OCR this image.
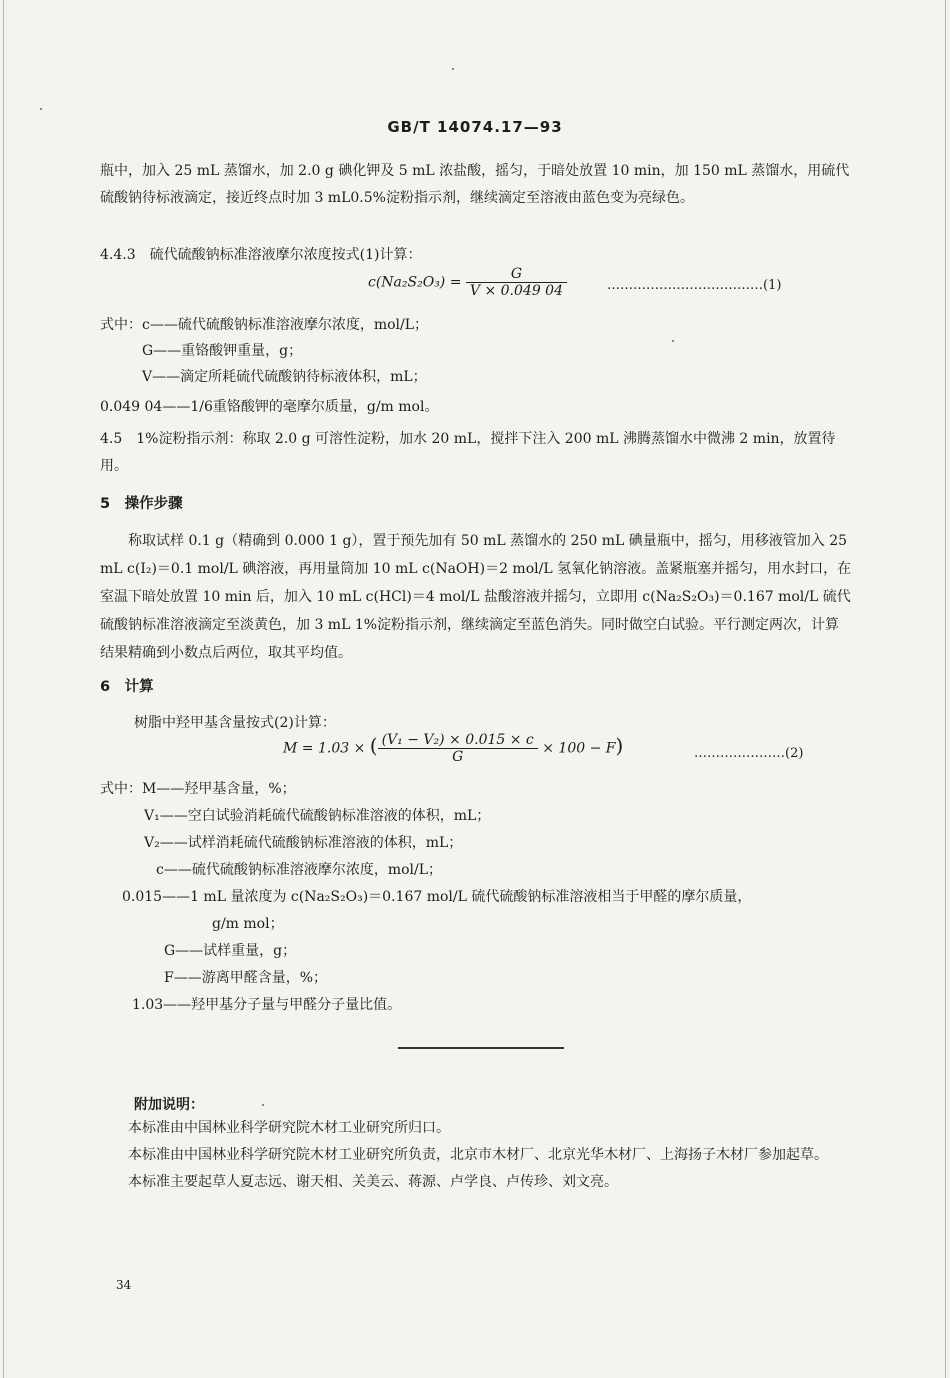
GB/T 14074.17—93
瓶中，加入 25 mL 蒸馏水，加 2.0 g 碘化钾及 5 mL 浓盐酸，摇匀，于暗处放置 10 min，加 150 mL 蒸馏水，用硫代硫酸钠待标液滴定，接近终点时加 3 mL0.5%淀粉指示剂，继续滴定至溶液由蓝色变为亮绿色。
4.4.3　硫代硫酸钠标准溶液摩尔浓度按式(1)计算：
$c(Na_2S_2O_3) = \frac{G}{V \times 0.049 04}$	………………………………(1)
式中：c——硫代硫酸钠标准溶液摩尔浓度，mol/L；
G——重铬酸钾重量，g；
V——滴定所耗硫代硫酸钠待标液体积，mL；
0.049 04——1/6重铬酸钾的毫摩尔质量，g/m mol。
4.5　1%淀粉指示剂：称取 2.0 g 可溶性淀粉，加水 20 mL，搅拌下注入 200 mL 沸腾蒸馏水中微沸 2 min，放置待用。
5　操作步骤
称取试样 0.1 g（精确到 0.000 1 g），置于预先加有 50 mL 蒸馏水的 250 mL 碘量瓶中，摇匀，用移液管加入 25 mL c(I₂)＝0.1 mol/L 碘溶液，再用量筒加 10 mL c(NaOH)＝2 mol/L 氢氧化钠溶液。盖紧瓶塞并摇匀，用水封口，在室温下暗处放置 10 min 后，加入 10 mL c(HCl)＝4 mol/L 盐酸溶液并摇匀，立即用 c(Na₂S₂O₃)＝0.167 mol/L 硫代硫酸钠标准溶液滴定至淡黄色，加 3 mL 1%淀粉指示剂，继续滴定至蓝色消失。同时做空白试验。平行测定两次，计算结果精确到小数点后两位，取其平均值。
6　计算
树脂中羟甲基含量按式(2)计算：
M = 1.03 × ( $\frac{\text{(V₁ − V₂) × 0.015 × c}}{G} \times 100 - F$)	…………………(2)
式中：M——羟甲基含量，%；
V₁——空白试验消耗硫代硫酸钠标准溶液的体积，mL；
V₂——试样消耗硫代硫酸钠标准溶液的体积，mL；
c——硫代硫酸钠标准溶液摩尔浓度，mol/L；
0.015——1 mL 量浓度为 c(Na₂S₂O₃)＝0.167 mol/L 硫代硫酸钠标准溶液相当于甲醛的摩尔质量，
g/m mol；
G——试样重量，g；
F——游离甲醛含量，%；
1.03——羟甲基分子量与甲醛分子量比值。
附加说明：
本标准由中国林业科学研究院木材工业研究所归口。
本标准由中国林业科学研究院木材工业研究所负责，北京市木材厂、北京光华木材厂、上海扬子木材厂参加起草。
本标准主要起草人夏志远、谢天相、关美云、蒋源、卢学良、卢传珍、刘文亮。
34
